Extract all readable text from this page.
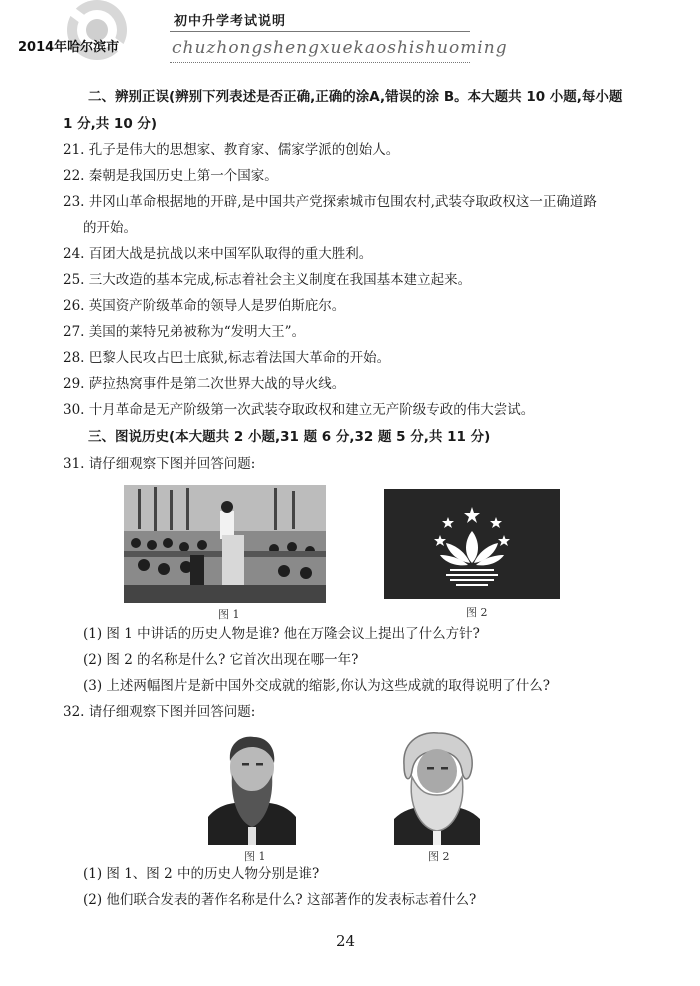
2014年哈尔滨市
初中升学考试说明
chuzhongshengxuekaoshishuoming
二、辨别正误(辨别下列表述是否正确,正确的涂A,错误的涂 B。本大题共 10 小题,每小题
1 分,共 10 分)
21. 孔子是伟大的思想家、教育家、儒家学派的创始人。
22. 秦朝是我国历史上第一个国家。
23. 井冈山革命根据地的开辟,是中国共产党探索城市包围农村,武装夺取政权这一正确道路
的开始。
24. 百团大战是抗战以来中国军队取得的重大胜利。
25. 三大改造的基本完成,标志着社会主义制度在我国基本建立起来。
26. 英国资产阶级革命的领导人是罗伯斯庇尔。
27. 美国的莱特兄弟被称为“发明大王”。
28. 巴黎人民攻占巴士底狱,标志着法国大革命的开始。
29. 萨拉热窝事件是第二次世界大战的导火线。
30. 十月革命是无产阶级第一次武装夺取政权和建立无产阶级专政的伟大尝试。
三、图说历史(本大题共 2 小题,31 题 6 分,32 题 5 分,共 11 分)
31. 请仔细观察下图并回答问题:
图 1	图 2
(1) 图 1 中讲话的历史人物是谁? 他在万隆会议上提出了什么方针?
(2) 图 2 的名称是什么? 它首次出现在哪一年?
(3) 上述两幅图片是新中国外交成就的缩影,你认为这些成就的取得说明了什么?
32. 请仔细观察下图并回答问题:
图 1	图 2
(1) 图 1、图 2 中的历史人物分别是谁?
(2) 他们联合发表的著作名称是什么? 这部著作的发表标志着什么?
24
